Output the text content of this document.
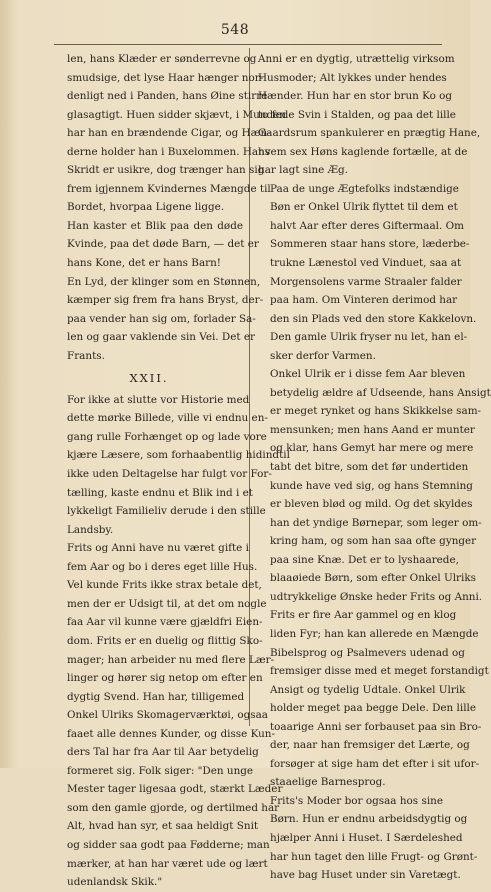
548

len, hans Klæder er sønderrevne og
smudsige, det lyse Haar hænger nor-
denligt ned i Panden, hans Øine stirre
glasagtigt. Huen sidder skjævt, i Munden
har han en brændende Cigar, og Hæn-
derne holder han i Buxelommen. Hans
Skridt er usikre, dog trænger han sig
frem igjennem Kvindernes Mængde til
Bordet, hvorpaa Ligene ligge.

Han kaster et Blik paa den døde
Kvinde, paa det døde Barn, — det er
hans Kone, det er hans Barn!

En Lyd, der klinger som en Stønnen,
kæmper sig frem fra hans Bryst, der-
paa vender han sig om, forlader Sa-
len og gaar vaklende sin Vei. Det er
Frants.

XXII.

For ikke at slutte vor Historie med
dette mørke Billede, ville vi endnu en-
gang rulle Forhænget op og lade vore
kjære Læsere, som forhaabentlig hidindtil
ikke uden Deltagelse har fulgt vor For-
tælling, kaste endnu et Blik ind i et
lykkeligt Familieliv derude i den stille
Landsby.

Frits og Anni have nu været gifte i
fem Aar og bo i deres eget lille Hus.
Vel kunde Frits ikke strax betale det,
men der er Udsigt til, at det om nogle
faa Aar vil kunne være gjældfri Eien-
dom. Frits er en duelig og flittig Sko-
mager; han arbeider nu med flere Lær-
linger og hører sig netop om efter en
dygtig Svend. Han har, tilligemed
Onkel Ulriks Skomagerværktøi, ogsaa
faaet alle dennes Kunder, og disse Kun-
ders Tal har fra Aar til Aar betydelig
formeret sig. Folk siger: "Den unge
Mester tager ligesaa godt, stærkt Læder
som den gamle gjorde, og dertilmed har
Alt, hvad han syr, et saa heldigt Snit
og sidder saa godt paa Fødderne; man
mærker, at han har været ude og lært
udenlandsk Skik."

Anni er en dygtig, utrættelig virksom
Husmoder; Alt lykkes under hendes
Hænder. Hun har en stor brun Ko og
to fede Svin i Stalden, og paa det lille
Gaardsrum spankulerer en prægtig Hane,
hvem sex Høns kaglende fortælle, at de
har lagt sine Æg.

Paa de unge Ægtefolks indstændige
Bøn er Onkel Ulrik flyttet til dem et
halvt Aar efter deres Giftermaal. Om
Sommeren staar hans store, læderbe-
trukne Lænestol ved Vinduet, saa at
Morgensolens varme Straaler falder
paa ham. Om Vinteren derimod har
den sin Plads ved den store Kakkelovn.
Den gamle Ulrik fryser nu let, han el-
sker derfor Varmen.

Onkel Ulrik er i disse fem Aar bleven
betydelig ældre af Udseende, hans Ansigt
er meget rynket og hans Skikkelse sam-
mensunken; men hans Aand er munter
og klar, hans Gemyt har mere og mere
tabt det bitre, som det før undertiden
kunde have ved sig, og hans Stemning
er bleven blød og mild. Og det skyldes
han det yndige Børnepar, som leger om-
kring ham, og som han saa ofte gynger
paa sine Knæ. Det er to lyshaarede,
blaaøiede Børn, som efter Onkel Ulriks
udtrykkelige Ønske heder Frits og Anni.
Frits er fire Aar gammel og en klog
liden Fyr; han kan allerede en Mængde
Bibelsprog og Psalmevers udenad og
fremsiger disse med et meget forstandigt
Ansigt og tydelig Udtale. Onkel Ulrik
holder meget paa begge Dele. Den lille
toaarige Anni ser forbauset paa sin Bro-
der, naar han fremsiger det Lærte, og
forsøger at sige ham det efter i sit ufor-
staaelige Barnesprog.

Frits's Moder bor ogsaa hos sine
Børn. Hun er endnu arbeidsdygtig og
hjælper Anni i Huset. I Særdeleshed
har hun taget den lille Frugt- og Grønt-
have bag Huset under sin Varetægt.
